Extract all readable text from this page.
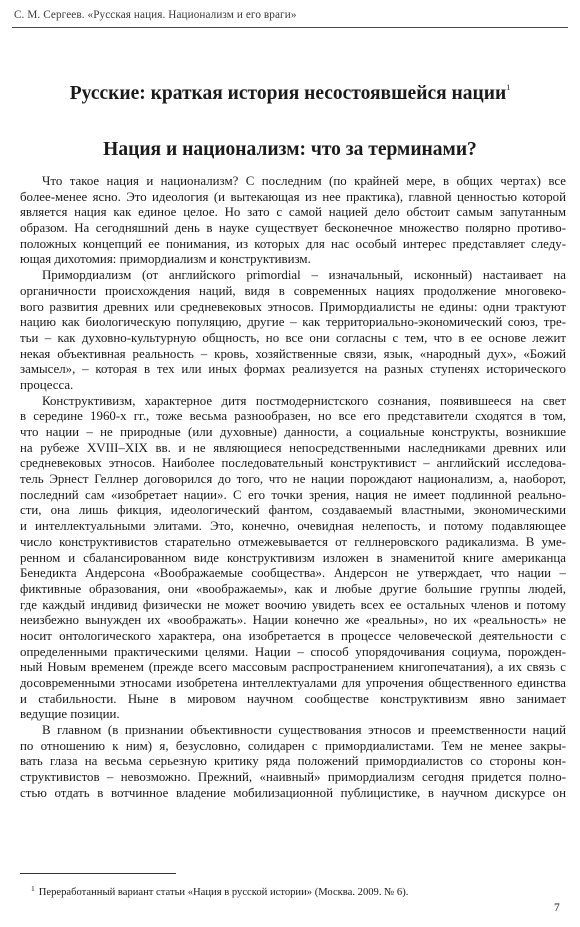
С. М. Сергеев. «Русская нация. Национализм и его враги»
Русские: краткая история несостоявшейся нации$^1$
Нация и национализм: что за терминами?
Что такое нация и национализм? С последним (по крайней мере, в общих чертах) все
более-менее ясно. Это идеология (и вытекающая из нее практика), главной ценностью которой
является нация как единое целое. Но зато с самой нацией дело обстоит самым запутанным
образом. На сегодняшний день в науке существует бесконечное множество полярно противо-
положных концепций ее понимания, из которых для нас особый интерес представляет следу-
ющая дихотомия: примордиализм и конструктивизм.
Примордиализм (от английского primordial – изначальный, исконный) настаивает на
органичности происхождения наций, видя в современных нациях продолжение многовеко-
вого развития древних или средневековых этносов. Примордиалисты не едины: одни трактуют
нацию как биологическую популяцию, другие – как территориально-экономический союз, тре-
тьи – как духовно-культурную общность, но все они согласны с тем, что в ее основе лежит
некая объективная реальность – кровь, хозяйственные связи, язык, «народный дух», «Божий
замысел», – которая в тех или иных формах реализуется на разных ступенях исторического
процесса.
Конструктивизм, характерное дитя постмодернистского сознания, появившееся на свет
в середине 1960-х гг., тоже весьма разнообразен, но все его представители сходятся в том,
что нации – не природные (или духовные) данности, а социальные конструкты, возникшие
на рубеже XVIII–XIX вв. и не являющиеся непосредственными наследниками древних или
средневековых этносов. Наиболее последовательный конструктивист – английский исследова-
тель Эрнест Геллнер договорился до того, что не нации порождают национализм, а, наоборот,
последний сам «изобретает нации». С его точки зрения, нация не имеет подлинной реально-
сти, она лишь фикция, идеологический фантом, создаваемый властными, экономическими
и интеллектуальными элитами. Это, конечно, очевидная нелепость, и потому подавляющее
число конструктивистов старательно отмежевывается от геллнеровского радикализма. В уме-
ренном и сбалансированном виде конструктивизм изложен в знаменитой книге американца
Бенедикта Андерсона «Воображаемые сообщества». Андерсон не утверждает, что нации –
фиктивные образования, они «воображаемы», как и любые другие большие группы людей,
где каждый индивид физически не может воочию увидеть всех ее остальных членов и потому
неизбежно вынужден их «воображать». Нации конечно же «реальны», но их «реальность» не
носит онтологического характера, она изобретается в процессе человеческой деятельности с
определенными практическими целями. Нации – способ упорядочивания социума, порожден-
ный Новым временем (прежде всего массовым распространением книгопечатания), а их связь с
досовременными этносами изобретена интеллектуалами для упрочения общественного единства
и стабильности. Ныне в мировом научном сообществе конструктивизм явно занимает
ведущие позиции.
В главном (в признании объективности существования этносов и преемственности наций
по отношению к ним) я, безусловно, солидарен с примордиалистами. Тем не менее закры-
вать глаза на весьма серьезную критику ряда положений примордиалистов со стороны кон-
структивистов – невозможно. Прежний, «наивный» примордиализм сегодня придется полно-
стью отдать в вотчинное владение мобилизационной публицистике, в научном дискурсе он
$^1$ Переработанный вариант статьи «Нация в русской истории» (Москва. 2009. № 6).
7
